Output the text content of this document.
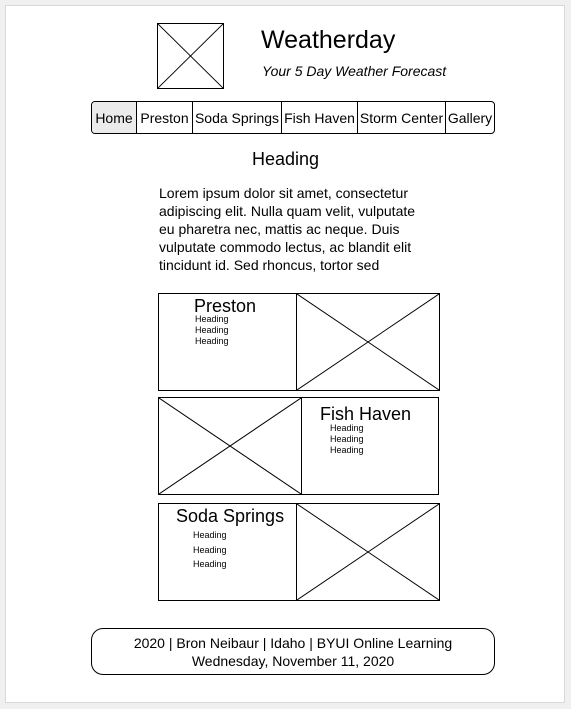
Weatherday
Your 5 Day Weather Forecast
Home Preston Soda Springs Fish Haven Storm Center Gallery
Heading
Lorem ipsum dolor sit amet, consectetur
adipiscing elit. Nulla quam velit, vulputate
eu pharetra nec, mattis ac neque. Duis
vulputate commodo lectus, ac blandit elit
tincidunt id. Sed rhoncus, tortor sed
Preston
Heading
Heading
Heading
Fish Haven
Heading
Heading
Heading
Soda Springs
Heading
Heading
Heading
2020 | Bron Neibaur | Idaho | BYUI Online Learning
Wednesday, November 11, 2020
